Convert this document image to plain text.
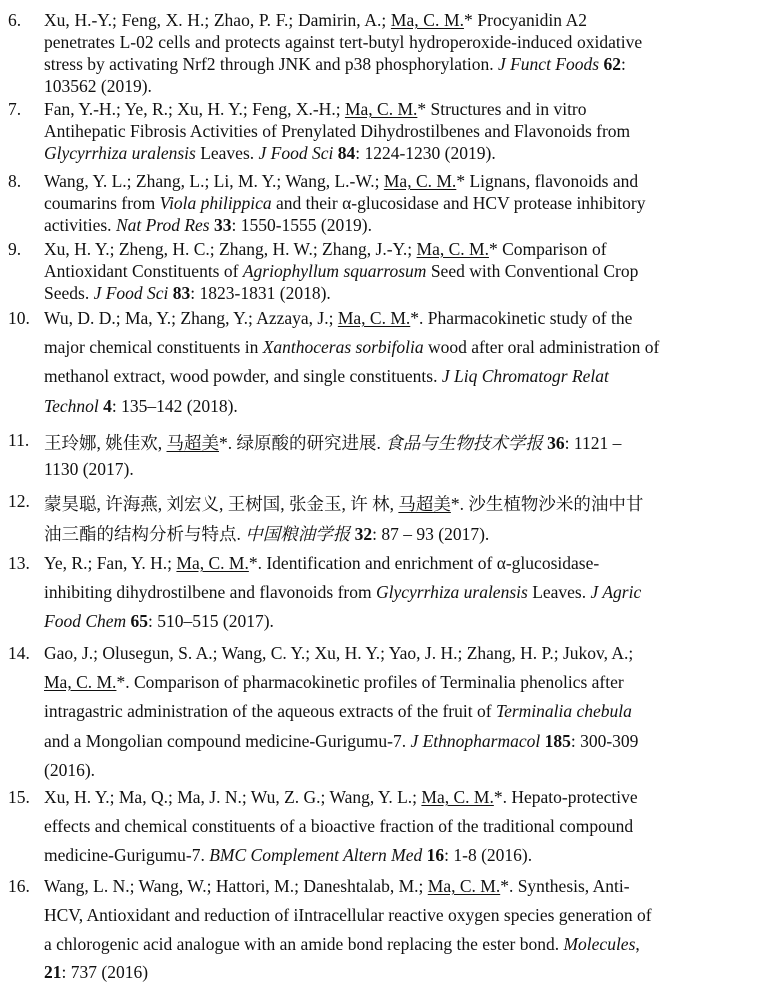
6. Xu, H.-Y.; Feng, X. H.; Zhao, P. F.; Damirin, A.; Ma, C. M.* Procyanidin A2
penetrates L-02 cells and protects against tert-butyl hydroperoxide-induced oxidative
stress by activating Nrf2 through JNK and p38 phosphorylation. J Funct Foods 62:
103562 (2019).
7. Fan, Y.-H.; Ye, R.; Xu, H. Y.; Feng, X.-H.; Ma, C. M.* Structures and in vitro
Antihepatic Fibrosis Activities of Prenylated Dihydrostilbenes and Flavonoids from
Glycyrrhiza uralensis Leaves. J Food Sci 84: 1224-1230 (2019).
8. Wang, Y. L.; Zhang, L.; Li, M. Y.; Wang, L.-W.; Ma, C. M.* Lignans, flavonoids and
coumarins from Viola philippica and their α-glucosidase and HCV protease inhibitory
activities. Nat Prod Res 33: 1550-1555 (2019).
9. Xu, H. Y.; Zheng, H. C.; Zhang, H. W.; Zhang, J.-Y.; Ma, C. M.* Comparison of
Antioxidant Constituents of Agriophyllum squarrosum Seed with Conventional Crop
Seeds. J Food Sci 83: 1823-1831 (2018).
10. Wu, D. D.; Ma, Y.; Zhang, Y.; Azzaya, J.; Ma, C. M.*. Pharmacokinetic study of the
major chemical constituents in Xanthoceras sorbifolia wood after oral administration of
methanol extract, wood powder, and single constituents. J Liq Chromatogr Relat
Technol 4: 135–142 (2018).
11. 王玲娜, 姚佳欢, 马超美*. 绿原酸的研究进展. 食品与生物技术学报 36: 1121 –
1130 (2017).
12. 蒙昊聪, 许海燕, 刘宏义, 王树国, 张金玉, 许 林, 马超美*. 沙生植物沙米的油中甘
油三酯的结构分析与特点. 中国粮油学报 32: 87 – 93 (2017).
13. Ye, R.; Fan, Y. H.; Ma, C. M.*. Identification and enrichment of α-glucosidase-
inhibiting dihydrostilbene and flavonoids from Glycyrrhiza uralensis Leaves. J Agric
Food Chem 65: 510–515 (2017).
14. Gao, J.; Olusegun, S. A.; Wang, C. Y.; Xu, H. Y.; Yao, J. H.; Zhang, H. P.; Jukov, A.;
Ma, C. M.*. Comparison of pharmacokinetic profiles of Terminalia phenolics after
intragastric administration of the aqueous extracts of the fruit of Terminalia chebula
and a Mongolian compound medicine-Gurigumu-7. J Ethnopharmacol 185: 300-309
(2016).
15. Xu, H. Y.; Ma, Q.; Ma, J. N.; Wu, Z. G.; Wang, Y. L.; Ma, C. M.*. Hepato-protective
effects and chemical constituents of a bioactive fraction of the traditional compound
medicine-Gurigumu-7. BMC Complement Altern Med 16: 1-8 (2016).
16. Wang, L. N.; Wang, W.; Hattori, M.; Daneshtalab, M.; Ma, C. M.*. Synthesis, Anti-
HCV, Antioxidant and reduction of iIntracellular reactive oxygen species generation of
a chlorogenic acid analogue with an amide bond replacing the ester bond. Molecules,
21: 737 (2016)
